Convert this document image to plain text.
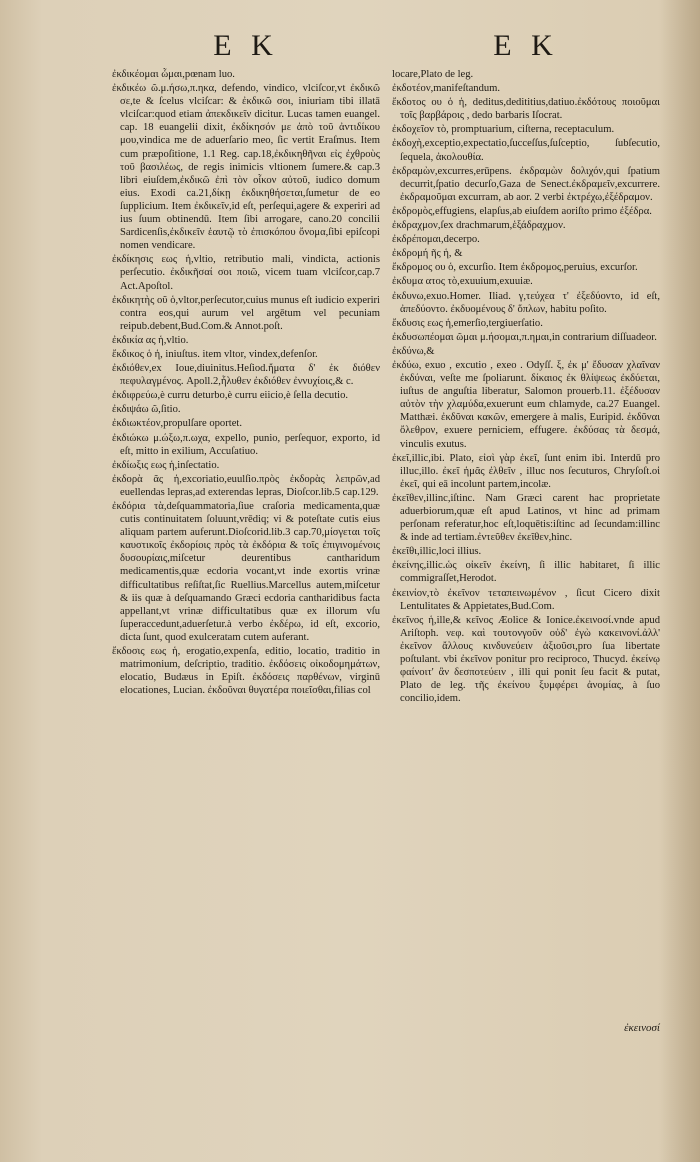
E K

ἐκδικέομαι ὦμαι,pœnam luo.

ἐκδικέω ῶ.μ.ήσω,π.ηκα, defendo, vindico, vlciſcor,vt ἐκδικῶ σε,te & ſcelus vlciſcar: & ἐκδικῶ σοι, iniuriam tibi illatā vlciſcar:quod etiam ἀπεκδικεῖν dicitur. Lucas tamen euangel. cap. 18 euangelii dixit, ἐκδίκησόν με ἀπὸ τοῦ ἀντιδίκου μου,vindica me de aduerſario meo, ſic vertit Eraſmus. Item cum præpoſitione, 1.1 Reg. cap.18,ἐκδικηθῆναι εἰς ἐχθροὺς τοῦ βασιλέως, de regis inimicis vltionem ſumere.& cap.3 libri eiuſdem,ἐκδικῶ ἐπὶ τὸν οἶκον αὐτοῦ, iudico domum eius. Exodi ca.21,δίκῃ ἐκδικηθήσεται,ſumetur de eo ſupplicium. Item ἐκδικεῖν,id eſt, perſequi,agere & experiri ad ius ſuum obtinendū. Item ſibi arrogare, cano.20 concilii Sardicenſis,ἐκδικεῖν ἑαυτῷ τὸ ἐπισκόπου ὄνομα,ſibi epiſcopi nomen vendicare.

ἐκδίκησις εως ἡ,vltio, retributio mali, vindicta, actionis perſecutio. ἐκδικῆσαί σοι ποιῶ, vicem tuam vlciſcor,cap.7 Act.Apoſtol.

ἐκδικητὴς οῦ ὁ,vltor,perſecutor,cuius munus eſt iudicio experiri contra eos,qui aurum vel argētum vel pecuniam reipub.debent,Bud.Com.& Annot.poſt.

ἐκδικία ας ἡ,vltio.

ἔκδικος ὁ ἡ, iniuſtus. item vltor, vindex,defenſor.

ἐκδιόθεν,ex Ioue,diuinitus.Heſiod.ἤματα δ' ἐκ διόθεν πεφυλαγμένος. Apoll.2,ἦλυθεν ἐκδιόθεν ἐννυχίοις,& c.

ἐκδιφρεύω,è curru deturbo,è curru eiicio,è ſella decutio.

ἐκδιψάω ῶ,ſitio.

ἐκδιωκτέον,propulſare oportet.

ἐκδιώκω μ.ώξω,π.ωχα, expello, punio, perſequor, exporto, id eſt, mitto in exilium, Accuſatiuo.

ἐκδίωξις εως ἡ,inſectatio.

ἐκδορὰ ᾶς ἡ,excoriatio,euulſio.πρὸς ἐκδορὰς λεπρῶν,ad euellendas lepras,ad exterendas lepras, Dioſcor.lib.5 cap.129.

ἐκδόρια τὰ,deſquammatoria,ſiue craſoria medicamenta,quæ cutis continuitatem ſoluunt,vrēdiq; vi & poteſtate cutis eius aliquam partem auferunt.Dioſcorid.lib.3 cap.70,μίσγεται τοῖς καυστικοῖς ἐκδορίοις πρὸς τὰ ἐκδόρια & τοῖς ἐπιγινομένοις δυσουρίαις,miſcetur deurentibus cantharidum medicamentis,quæ ecdoria vocant,vt inde exortis vrinæ difficultatibus reſiſtat,ſic Ruellius.Marcellus autem,miſcetur & iis quæ à deſquamando Græci ecdoria cantharidibus facta appellant,vt vrinæ difficultatibus quæ ex illorum vſu ſuperaccedunt,aduerſetur.à verbo ἐκδέρω, id eſt, excorio, dicta ſunt, quod exulceratam cutem auferant.

ἔκδοσις εως ἡ, erogatio,expenſa, editio, locatio, traditio in matrimonium, deſcriptio, traditio. ἐκδόσεις οἰκοδομημάτων, elocatio, Budæus in Epiſt. ἐκδόσεις παρθένων, virginū elocationes, Lucian. ἐκδοῦναι θυγατέρα ποιεῖσθαι,filias col

E K

locare,Plato de leg.

ἐκδοτέον,manifeſtandum.

ἔκδοτος ου ὁ ἡ, deditus,dedititius,datiuo.ἐκδότους ποιοῦμαι τοῖς βαρβάροις , dedo barbaris Iſocrat.

ἐκδοχεῖον τὸ, promptuarium, ciſterna, receptaculum.

ἐκδοχὴ,exceptio,expectatio,ſucceſſus,ſuſceptio, ſubſecutio, ſequela, ἀκολουθία.

ἐκδραμὼν,excurres,erūpens. ἐκδραμὼν δολιχόν,qui ſpatium decurrit,ſpatio decurſo,Gaza de Senect.ἐκδραμεῖν,excurrere. ἐκδραμοῦμαι excurram, ab aor. 2 verbi ἐκτρέχω,ἐξέδραμον.

ἐκδρομὸς,effugiens, elapſus,ab eiuſdem aoriſto primo ἐξέδρα.

ἐκδραχμον,ſex drachmarum,ἑξάδραχμον.

ἐκδρέπομαι,decerpo.

ἐκδρομή ῆς ἡ, &

ἔκδρομος ου ὁ, excurſio. Item ἐκδρομος,peruius, excurſor.

ἐκδυμα ατος τὸ,exuuium,exuuiæ.

ἐκδυνω,exuo.Homer. Iliad. γ,τεύχεα τ' ἐξεδύοντο, id eſt, ἀπεδύοντο. ἐκδυομένους δ' ὅπλων, habitu poſito.

ἔκδυσις εως ἡ,emerſio,tergiuerſatio.

ἐκδυσωπέομαι ῶμαι μ.ήσομαι,π.ημαι,in contrarium diſſuadeor.

ἐκδύνω,&

ἐκδύω, exuo , excutio , exeo . Odyſſ. ξ, ἐκ μ' ἔδυσαν χλαῖναν ἐκδύναι, veſte me ſpoliarunt. δίκαιος ἐκ θλίψεως ἐκδύεται, iuſtus de anguſtia liberatur, Salomon prouerb.11. ἐξέδυσαν αὐτὸν τὴν χλαμύδα,exuerunt eum chlamyde, ca.27 Euangel. Matthæi. ἐκδῦναι κακῶν, emergere à malis, Euripid. ἐκδῦναι ὄλεθρον, exuere perniciem, effugere. ἐκδύσας τὰ δεσμά, vinculis exutus.

ἐκεῖ,illic,ibi. Plato, εἰσὶ γὰρ ἐκεῖ, ſunt enim ibi. Interdū pro illuc,illo. ἐκεῖ ἡμᾶς ἐλθεῖν , illuc nos ſecuturos, Chryſoſt.οἱ ἐκεῖ, qui eā incolunt partem,incolæ.

ἐκεῖθεν,illinc,iſtinc. Nam Græci carent hac proprietate aduerbiorum,quæ eſt apud Latinos, vt hinc ad primam perſonam referatur,hoc eſt,loquētis:iſtinc ad ſecundam:illinc & inde ad tertiam.ἐντεῦθεν ἐκεῖθεν,hinc.

ἐκεῖθι,illic,loci illius.

ἐκείνης,illic.ὡς οἰκεῖν ἐκείνη, ſi illic habitaret, ſi illic commigraſſet,Herodot.

ἐκεινίον,τὸ ἐκεῖνον τεταπεινωμένον , ſicut Cicero dixit Lentulitates & Appietates,Bud.Com.

ἐκεῖνος ἡ,ille,& κεῖνος Æolice & Ionice.ἐκεινοσί.vnde apud Ariſtoph. νεφ. καὶ τουτονγοῦν οὐδ' ἐγὼ κακεινονί.ἀλλ' ἐκεῖνον ἄλλους κινδυνεύειν ἀξιοῦσι,pro ſua libertate poſtulant. vbi ἐκεῖνον ponitur pro reciproco, Thucyd. ἐκείνῳ φαίνοιτ' ἂν δεσποτεύειν , illi qui ponit ſeu facit & putat, Plato de leg. τῆς ἐκείνου ξυμφέρει ἀνομίας, à ſuo concilio,idem.

ἐκεινοσί
